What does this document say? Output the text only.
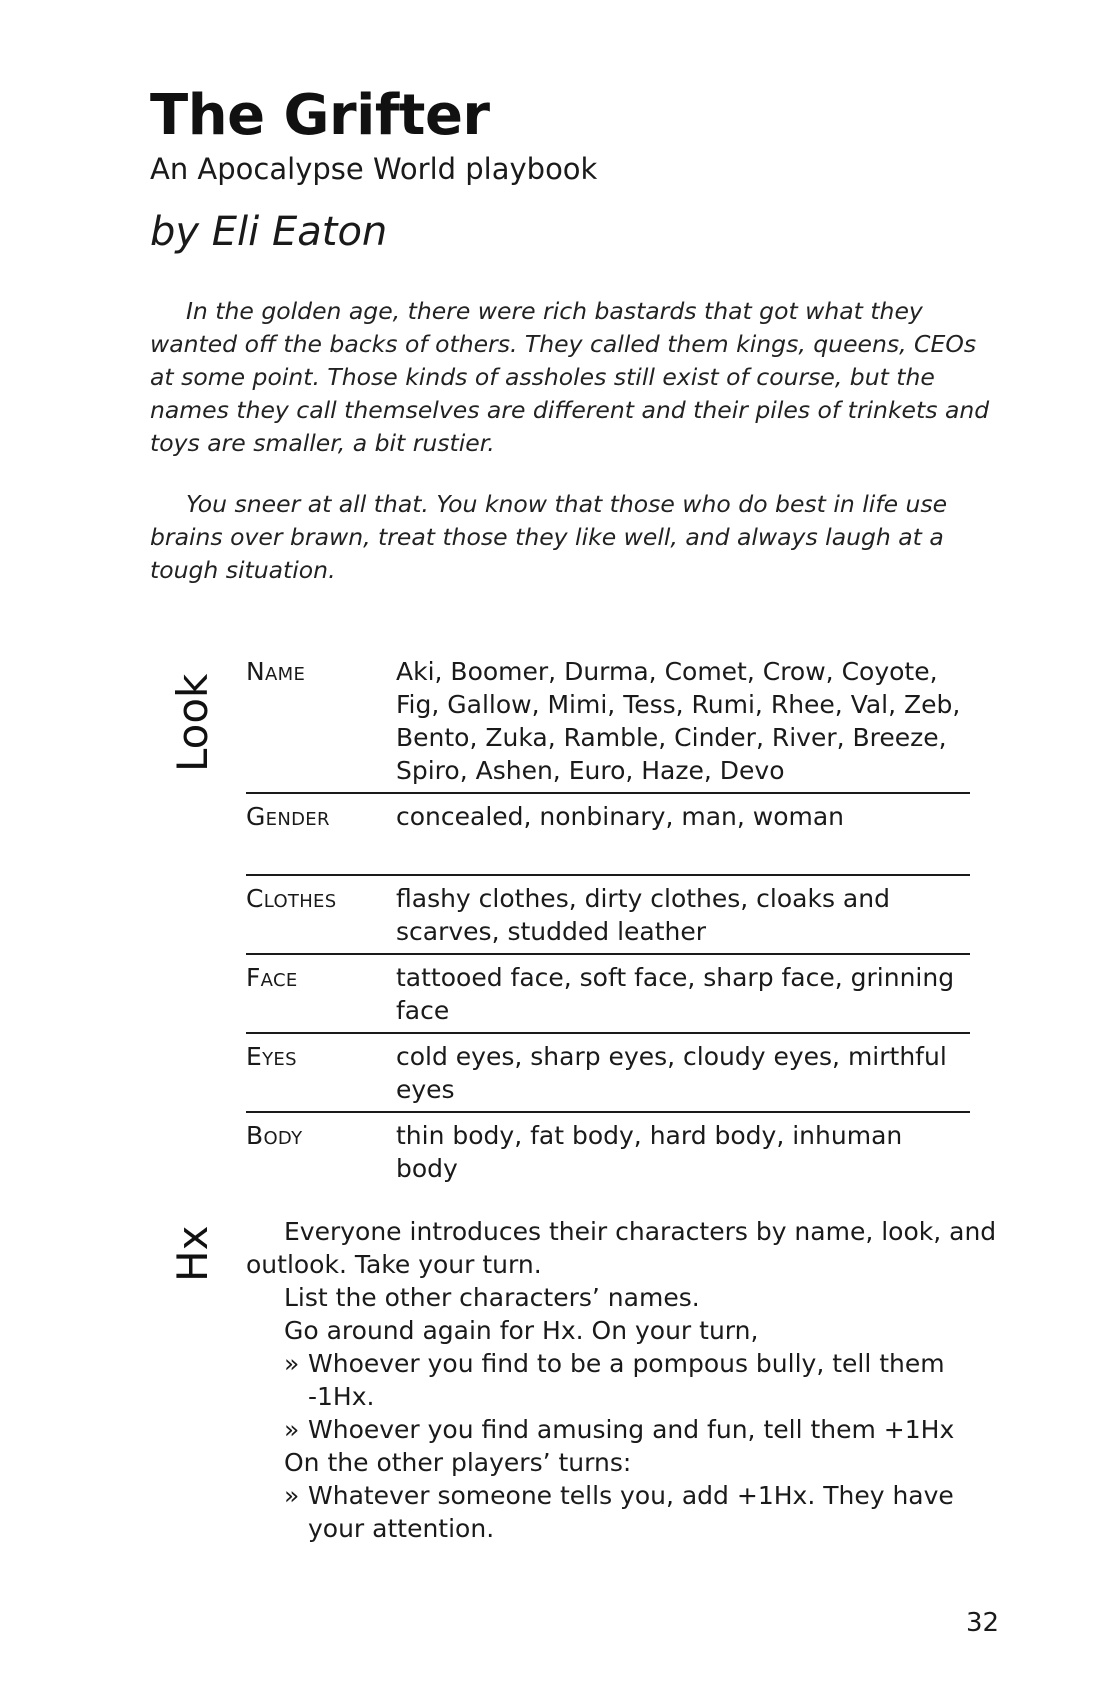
The Grifter
An Apocalypse World playbook
by Eli Eaton

In the golden age, there were rich bastards that got what they wanted off the backs of others. They called them kings, queens, CEOs at some point. Those kinds of assholes still exist of course, but the names they call themselves are different and their piles of trinkets and toys are smaller, a bit rustier.

You sneer at all that. You know that those who do best in life use brains over brawn, treat those they like well, and always laugh at a tough situation.

Look
Name	Aki, Boomer, Durma, Comet, Crow, Coyote, Fig, Gallow, Mimi, Tess, Rumi, Rhee, Val, Zeb, Bento, Zuka, Ramble, Cinder, River, Breeze, Spiro, Ashen, Euro, Haze, Devo
Gender	concealed, nonbinary, man, woman
Clothes	flashy clothes, dirty clothes, cloaks and scarves, studded leather
Face	tattooed face, soft face, sharp face, grinning face
Eyes	cold eyes, sharp eyes, cloudy eyes, mirthful eyes
Body	thin body, fat body, hard body, inhuman body
Hx	Everyone introduces their characters by name, look, and outlook. Take your turn.

List the other characters’ names.

Go around again for Hx. On your turn,

» Whoever you find to be a pompous bully, tell them -1Hx.

» Whoever you find amusing and fun, tell them +1Hx

On the other players’ turns:

» Whatever someone tells you, add +1Hx. They have your attention.

32
